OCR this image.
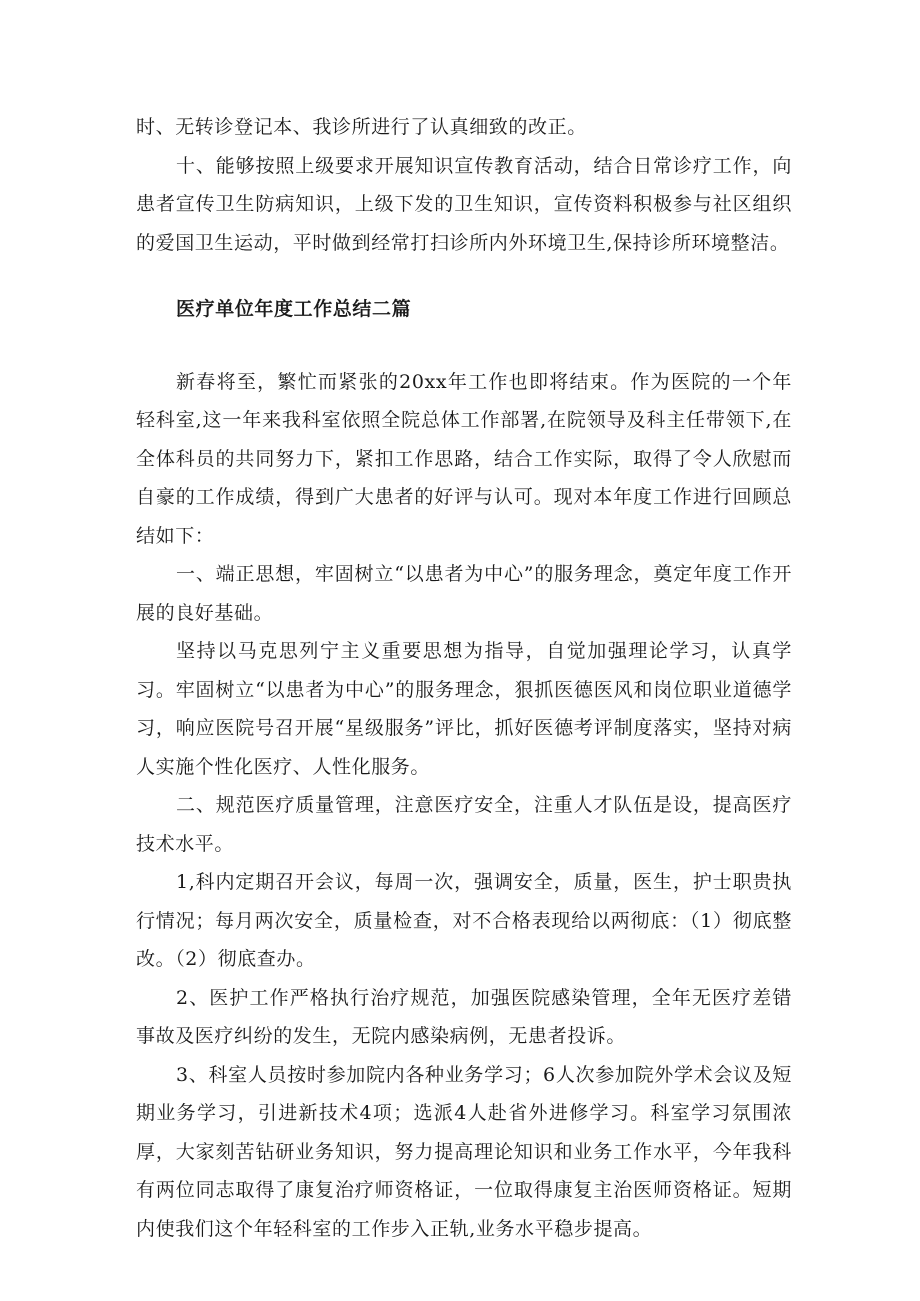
时、无转诊登记本、我诊所进行了认真细致的改正。

十、能够按照上级要求开展知识宣传教育活动，结合日常诊疗工作，向患者宣传卫生防病知识，上级下发的卫生知识，宣传资料积极参与社区组织的爱国卫生运动，平时做到经常打扫诊所内外环境卫生,保持诊所环境整洁。

医疗单位年度工作总结二篇

新春将至，繁忙而紧张的20xx年工作也即将结束。作为医院的一个年轻科室,这一年来我科室依照全院总体工作部署,在院领导及科主任带领下,在全体科员的共同努力下，紧扣工作思路，结合工作实际，取得了令人欣慰而自豪的工作成绩，得到广大患者的好评与认可。现对本年度工作进行回顾总结如下：

一、端正思想，牢固树立“以患者为中心”的服务理念，奠定年度工作开展的良好基础。

坚持以马克思列宁主义重要思想为指导，自觉加强理论学习，认真学习。牢固树立“以患者为中心”的服务理念，狠抓医德医风和岗位职业道德学习，响应医院号召开展“星级服务”评比，抓好医德考评制度落实，坚持对病人实施个性化医疗、人性化服务。

二、规范医疗质量管理，注意医疗安全，注重人才队伍是设，提高医疗技术水平。

1,科内定期召开会议，每周一次，强调安全，质量，医生，护士职贵执行情况；每月两次安全，质量检查，对不合格表现给以两彻底：（1）彻底整改。（2）彻底查办。

2、医护工作严格执行治疗规范，加强医院感染管理，全年无医疗差错事故及医疗纠纷的发生，无院内感染病例，无患者投诉。

3、科室人员按时参加院内各种业务学习；6人次参加院外学术会议及短期业务学习，引进新技术4项；选派4人赴省外进修学习。科室学习氛围浓厚，大家刻苦钻研业务知识，努力提高理论知识和业务工作水平，今年我科有两位同志取得了康复治疗师资格证，一位取得康复主治医师资格证。短期内使我们这个年轻科室的工作步入正轨,业务水平稳步提高。
